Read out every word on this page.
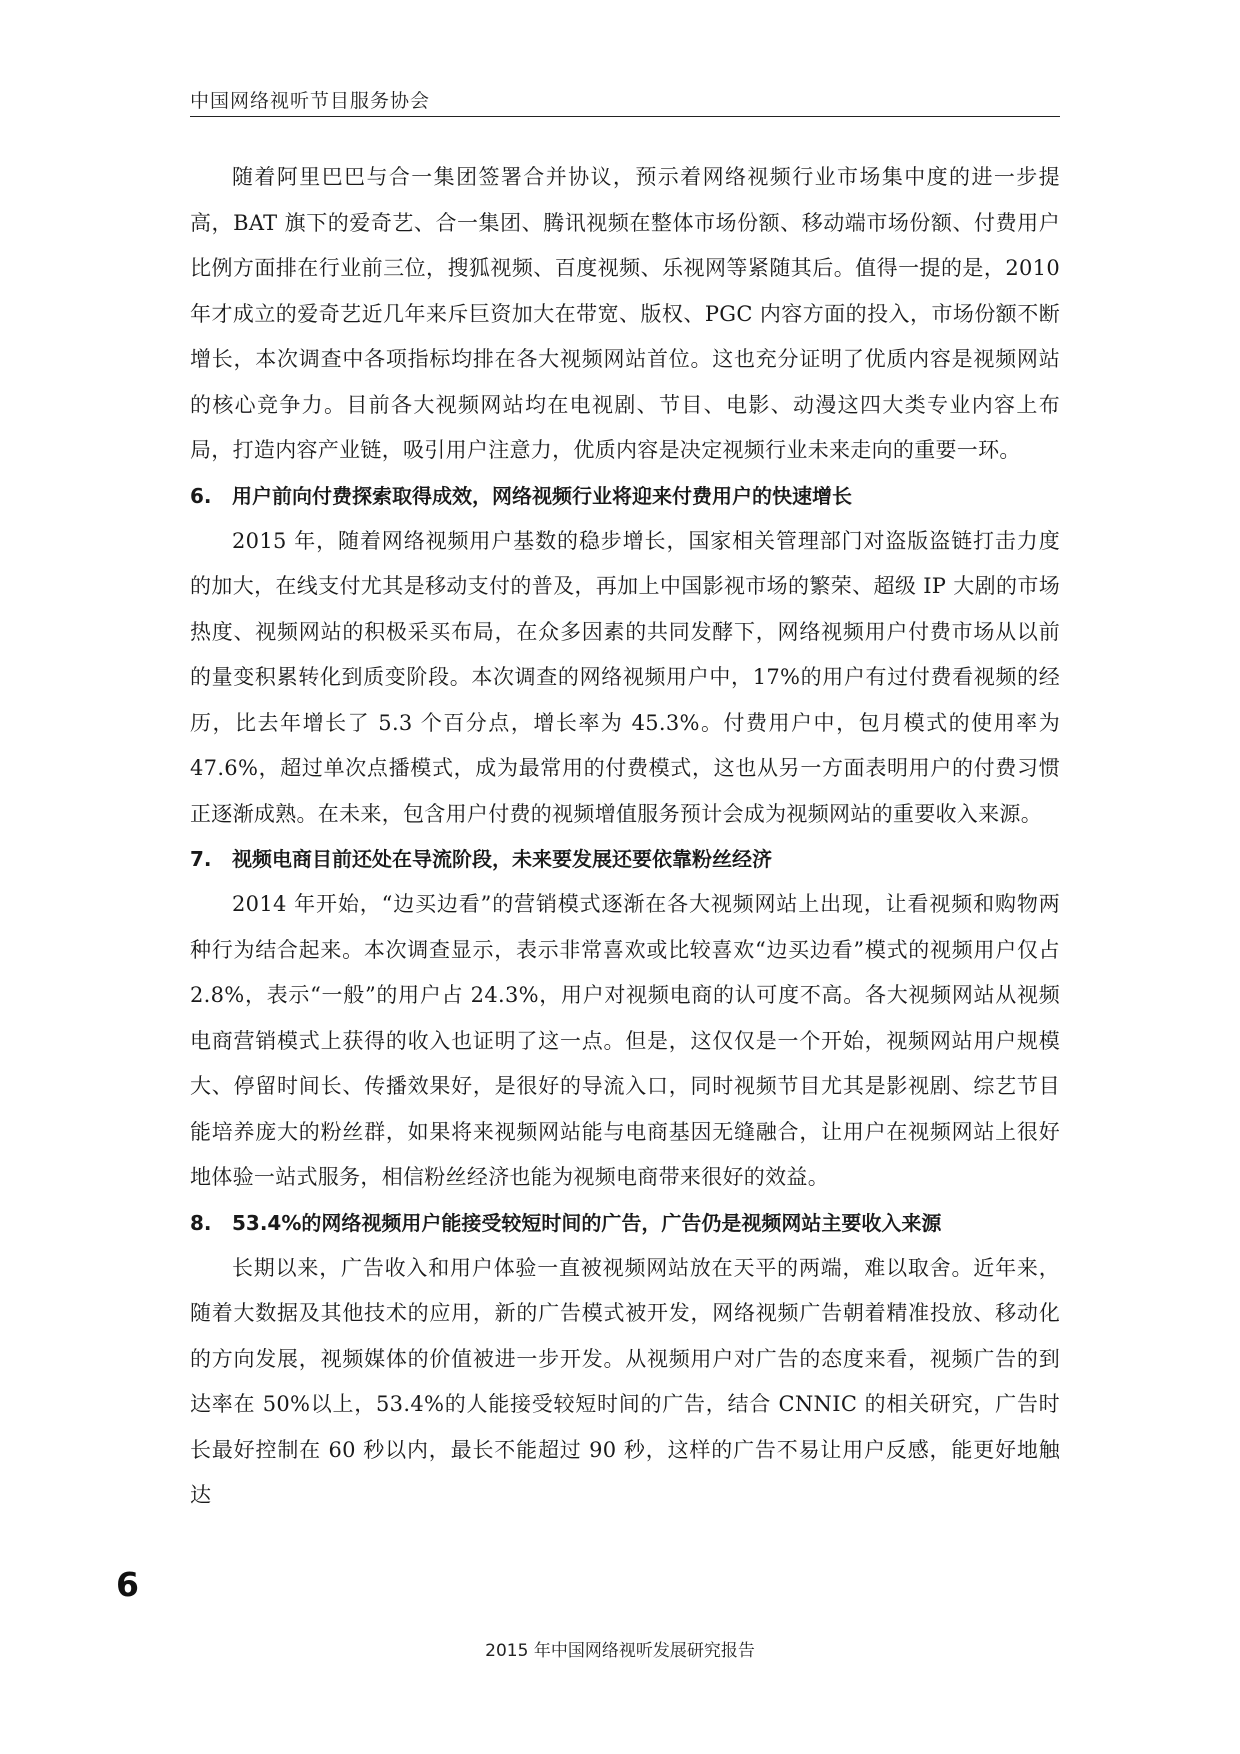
中国网络视听节目服务协会

随着阿里巴巴与合一集团签署合并协议，预示着网络视频行业市场集中度的进一步提高，BAT 旗下的爱奇艺、合一集团、腾讯视频在整体市场份额、移动端市场份额、付费用户比例方面排在行业前三位，搜狐视频、百度视频、乐视网等紧随其后。值得一提的是，2010年才成立的爱奇艺近几年来斥巨资加大在带宽、版权、PGC 内容方面的投入，市场份额不断增长，本次调查中各项指标均排在各大视频网站首位。这也充分证明了优质内容是视频网站的核心竞争力。目前各大视频网站均在电视剧、节目、电影、动漫这四大类专业内容上布局，打造内容产业链，吸引用户注意力，优质内容是决定视频行业未来走向的重要一环。

6.	用户前向付费探索取得成效，网络视频行业将迎来付费用户的快速增长

2015 年，随着网络视频用户基数的稳步增长，国家相关管理部门对盗版盗链打击力度的加大，在线支付尤其是移动支付的普及，再加上中国影视市场的繁荣、超级 IP 大剧的市场热度、视频网站的积极采买布局，在众多因素的共同发酵下，网络视频用户付费市场从以前的量变积累转化到质变阶段。本次调查的网络视频用户中，17%的用户有过付费看视频的经历，比去年增长了 5.3 个百分点，增长率为 45.3%。付费用户中，包月模式的使用率为 47.6%，超过单次点播模式，成为最常用的付费模式，这也从另一方面表明用户的付费习惯正逐渐成熟。在未来，包含用户付费的视频增值服务预计会成为视频网站的重要收入来源。

7.	视频电商目前还处在导流阶段，未来要发展还要依靠粉丝经济

2014 年开始，“边买边看”的营销模式逐渐在各大视频网站上出现，让看视频和购物两种行为结合起来。本次调查显示，表示非常喜欢或比较喜欢“边买边看”模式的视频用户仅占 2.8%，表示“一般”的用户占 24.3%，用户对视频电商的认可度不高。各大视频网站从视频电商营销模式上获得的收入也证明了这一点。但是，这仅仅是一个开始，视频网站用户规模大、停留时间长、传播效果好，是很好的导流入口，同时视频节目尤其是影视剧、综艺节目能培养庞大的粉丝群，如果将来视频网站能与电商基因无缝融合，让用户在视频网站上很好地体验一站式服务，相信粉丝经济也能为视频电商带来很好的效益。

8.	53.4%的网络视频用户能接受较短时间的广告，广告仍是视频网站主要收入来源

长期以来，广告收入和用户体验一直被视频网站放在天平的两端，难以取舍。近年来，随着大数据及其他技术的应用，新的广告模式被开发，网络视频广告朝着精准投放、移动化的方向发展，视频媒体的价值被进一步开发。从视频用户对广告的态度来看，视频广告的到达率在 50%以上，53.4%的人能接受较短时间的广告，结合 CNNIC 的相关研究，广告时长最好控制在 60 秒以内，最长不能超过 90 秒，这样的广告不易让用户反感，能更好地触达

6
2015 年中国网络视听发展研究报告
